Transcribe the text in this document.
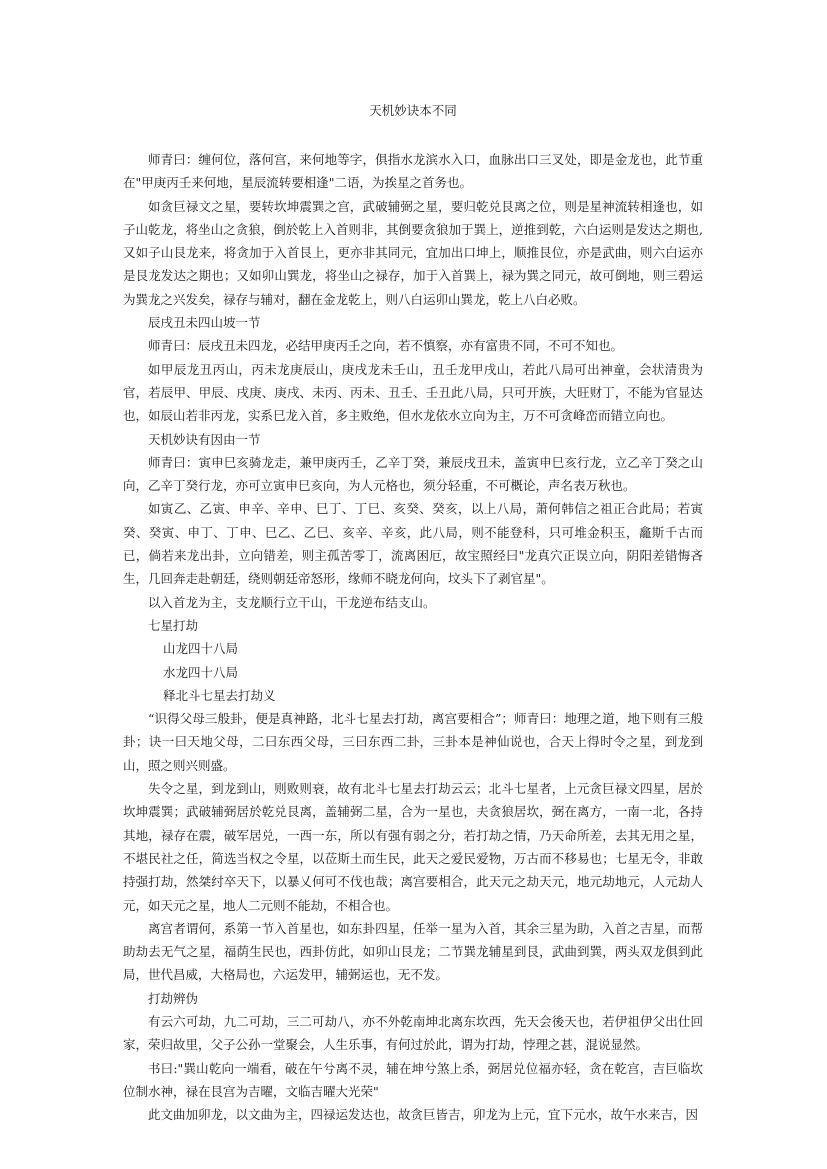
天机妙诀本不同

师青曰：缠何位，落何宫，来何地等字，俱指水龙滨水入口，血脉出口三叉处，即是金龙也，此节重在"甲庚丙壬来何地，星辰流转要相逢"二语，为挨星之首务也。

如贪巨禄文之星，要转坎坤震巽之宫，武破辅弼之星，要归乾兑艮离之位，则是星神流转相逢也，如子山乾龙，将坐山之贪狼，倒於乾上入首则非，其倒要贪狼加于巽上，逆推到乾，六白运则是发达之期也,又如子山艮龙来，将贪加于入首艮上，更亦非其同元，宜加出口坤上，顺推艮位，亦是武曲，则六白运亦是艮龙发达之期也；又如卯山巽龙，将坐山之禄存，加于入首巽上，禄为巽之同元，故可倒地，则三碧运为巽龙之兴发矣，禄存与辅对，翻在金龙乾上，则八白运卯山巽龙，乾上八白必败。

辰戌丑未四山坡一节

师青曰：辰戌丑未四龙，必结甲庚丙壬之向，若不慎察，亦有富贵不同，不可不知也。

如甲辰龙丑丙山，丙未龙庚辰山，庚戌龙未壬山，丑壬龙甲戌山，若此八局可出神童，会状清贵为官，若辰甲、甲辰、戌庚、庚戌、未丙、丙未、丑壬、壬丑此八局，只可开族，大旺财丁，不能为官显达也，如辰山若非丙龙，实系巳龙入首，多主败绝，但水龙依水立向为主，万不可贪峰峦而错立向也。

天机妙诀有因由一节

师青曰：寅申巳亥骑龙走，兼甲庚丙壬，乙辛丁癸，兼辰戌丑未，盖寅申巳亥行龙，立乙辛丁癸之山向，乙辛丁癸行龙，亦可立寅申巳亥向，为人元格也，须分轻重，不可概论，声名表万秋也。

如寅乙、乙寅、申辛、辛申、巳丁、丁巳、亥癸、癸亥，以上八局，萧何韩信之祖正合此局；若寅癸、癸寅、申丁、丁申、巳乙、乙巳、亥辛、辛亥，此八局，则不能登科，只可堆金积玉，龕斯千古而已，倘若来龙出卦，立向错差，则主孤苦零丁，流离困厄，故宝照经曰"龙真穴正误立向，阴阳差错悔吝生，几回奔走赴朝廷，绕则朝廷帝怒形，缘师不晓龙何向，坟头下了剥官星"。

以入首龙为主，支龙顺行立干山，干龙逆布结支山。

七星打劫

山龙四十八局

水龙四十八局

释北斗七星去打劫义

“识得父母三般卦，便是真神路，北斗七星去打劫，离宫要相合”；师青曰：地理之道，地下则有三般卦；诀一曰天地父母，二曰东西父母，三曰东西二卦，三卦本是神仙说也，合天上得时令之星，到龙到山，照之则兴则盛。

失令之星，到龙到山，则败则衰，故有北斗七星去打劫云云；北斗七星者，上元贪巨禄文四星，居於坎坤震巽；武破辅弼居於乾兑艮离，盖辅弼二星，合为一星也，夫贪狼居坎，弼在离方，一南一北，各持其地，禄存在震，破军居兑，一西一东，所以有强有弱之分，若打劫之情，乃天命所差，去其无用之星，不堪民社之任，简选当权之令星，以莅斯土而生民，此天之爱民爱物，万古而不移易也；七星无令，非敢持强打劫，然桀纣卒天下，以暴乂何可不伐也哉；离宫要相合，此天元之劫天元，地元劫地元，人元劫人元，如天元之星，地人二元则不能劫，不相合也。

离宫者谓何，系第一节入首星也，如东卦四星，任举一星为入首，其余三星为助，入首之吉星，而帮助劫去无气之星，福荫生民也，西卦仿此，如卯山艮龙；二节巽龙辅星到艮，武曲到巽，两头双龙俱到此局，世代昌威，大格局也，六运发甲，辅弼运也，无不发。

打劫辨伪

有云六可劫，九二可劫，三二可劫八，亦不外乾南坤北离东坎西，先天会後天也，若伊祖伊父出仕回家，荣归故里，父子公孙一堂聚会，人生乐事，有何过於此，谓为打劫，悖理之甚，混说显然。

书曰:"巽山乾向一端看，破在午兮离不灵，辅在坤兮煞上杀，弼居兑位福亦轻，贪在乾宫，吉巨临坎位制水神，禄在艮宫为吉曜，文临吉曜大光荣"

此文曲加卯龙，以文曲为主，四禄运发达也，故贪巨皆吉，卯龙为上元，宜下元水，故午水来吉，因
